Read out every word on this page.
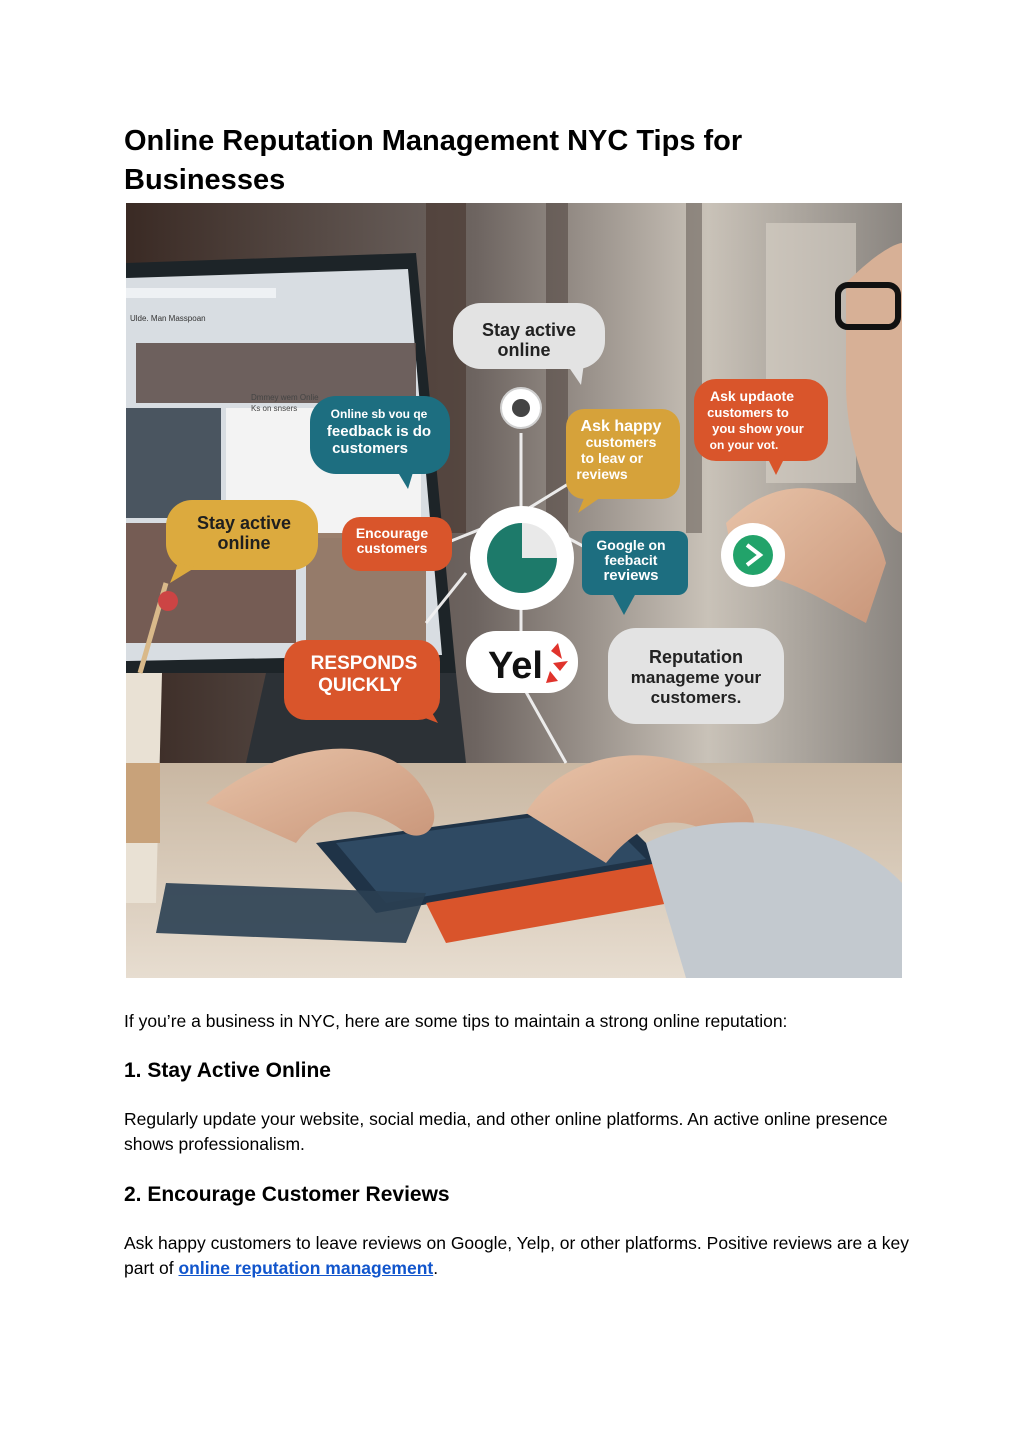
Online Reputation Management NYC Tips for Businesses
Ulde. Man Masspoan
Dmmey wem Onlie
Ks on snsers
Stay active
online
Online sb vou qe
feedback is do
customers
Ask happy
customers
to leav or
reviews
Ask updaote
customers to
you show your
on your vot.
Stay active
online	Encourage
customers	Google on
feebacit
reviews
RESPONDS
QUICKLY Yel	Reputation
manageme your
customers.

If you’re a business in NYC, here are some tips to maintain a strong online reputation:

1. Stay Active Online

Regularly update your website, social media, and other online platforms. An active online presence shows professionalism.

2. Encourage Customer Reviews

Ask happy customers to leave reviews on Google, Yelp, or other platforms. Positive reviews are a key part of online reputation management.
